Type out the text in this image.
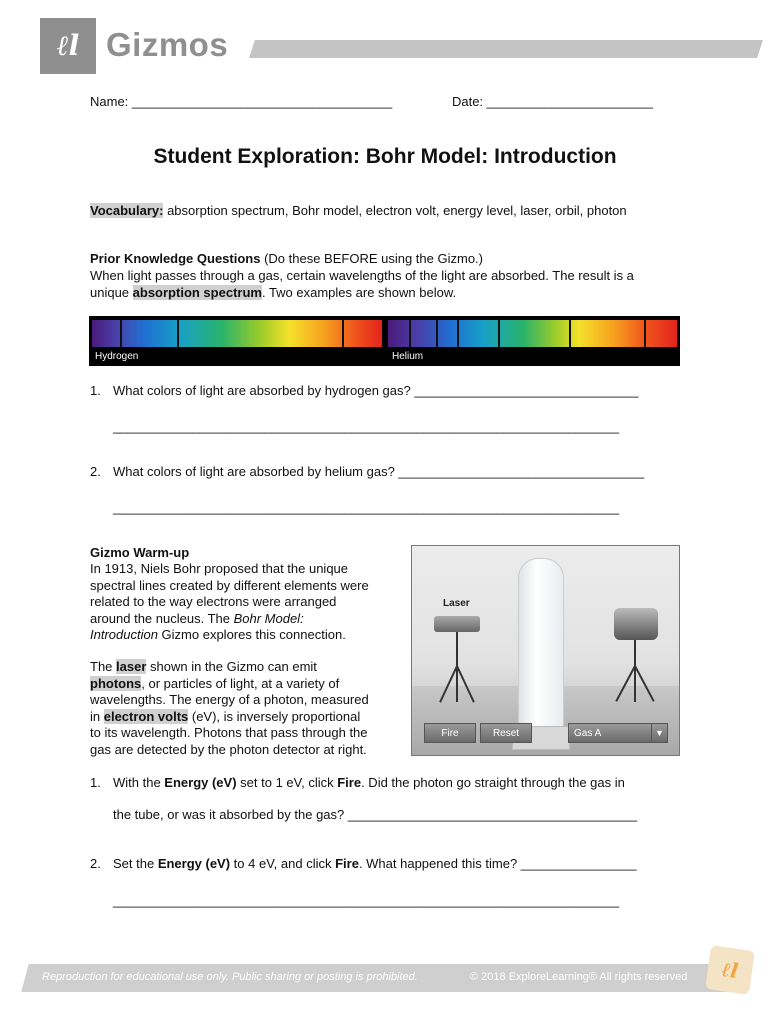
ℓl Gizmos
Name: ____________________________________	Date: _______________________
Student Exploration: Bohr Model: Introduction
Vocabulary: absorption spectrum, Bohr model, electron volt, energy level, laser, orbil, photon
Prior Knowledge Questions (Do these BEFORE using the Gizmo.)
When light passes through a gas, certain wavelengths of the light are absorbed. The result is a
unique absorption spectrum. Two examples are shown below.
Hydrogen	Helium
1. What colors of light are absorbed by hydrogen gas? _______________________________
______________________________________________________________________
2. What colors of light are absorbed by helium gas? __________________________________
______________________________________________________________________
Gizmo Warm-up
In 1913, Niels Bohr proposed that the unique
spectral lines created by different elements were
related to the way electrons were arranged
around the nucleus. The Bohr Model:
Introduction Gizmo explores this connection.
The laser shown in the Gizmo can emit
photons, or particles of light, at a variety of
wavelengths. The energy of a photon, measured
in electron volts (eV), is inversely proportional
to its wavelength. Photons that pass through the
gas are detected by the photon detector at right.
Laser
Fire	Reset	Gas A	▼
1. With the Energy (eV) set to 1 eV, click Fire. Did the photon go straight through the gas in
the tube, or was it absorbed by the gas? ________________________________________
2. Set the Energy (eV) to 4 eV, and click Fire. What happened this time? ________________
______________________________________________________________________
Reproduction for educational use only. Public sharing or posting is prohibited.	© 2018 ExploreLearning® All rights reserved ℓl
